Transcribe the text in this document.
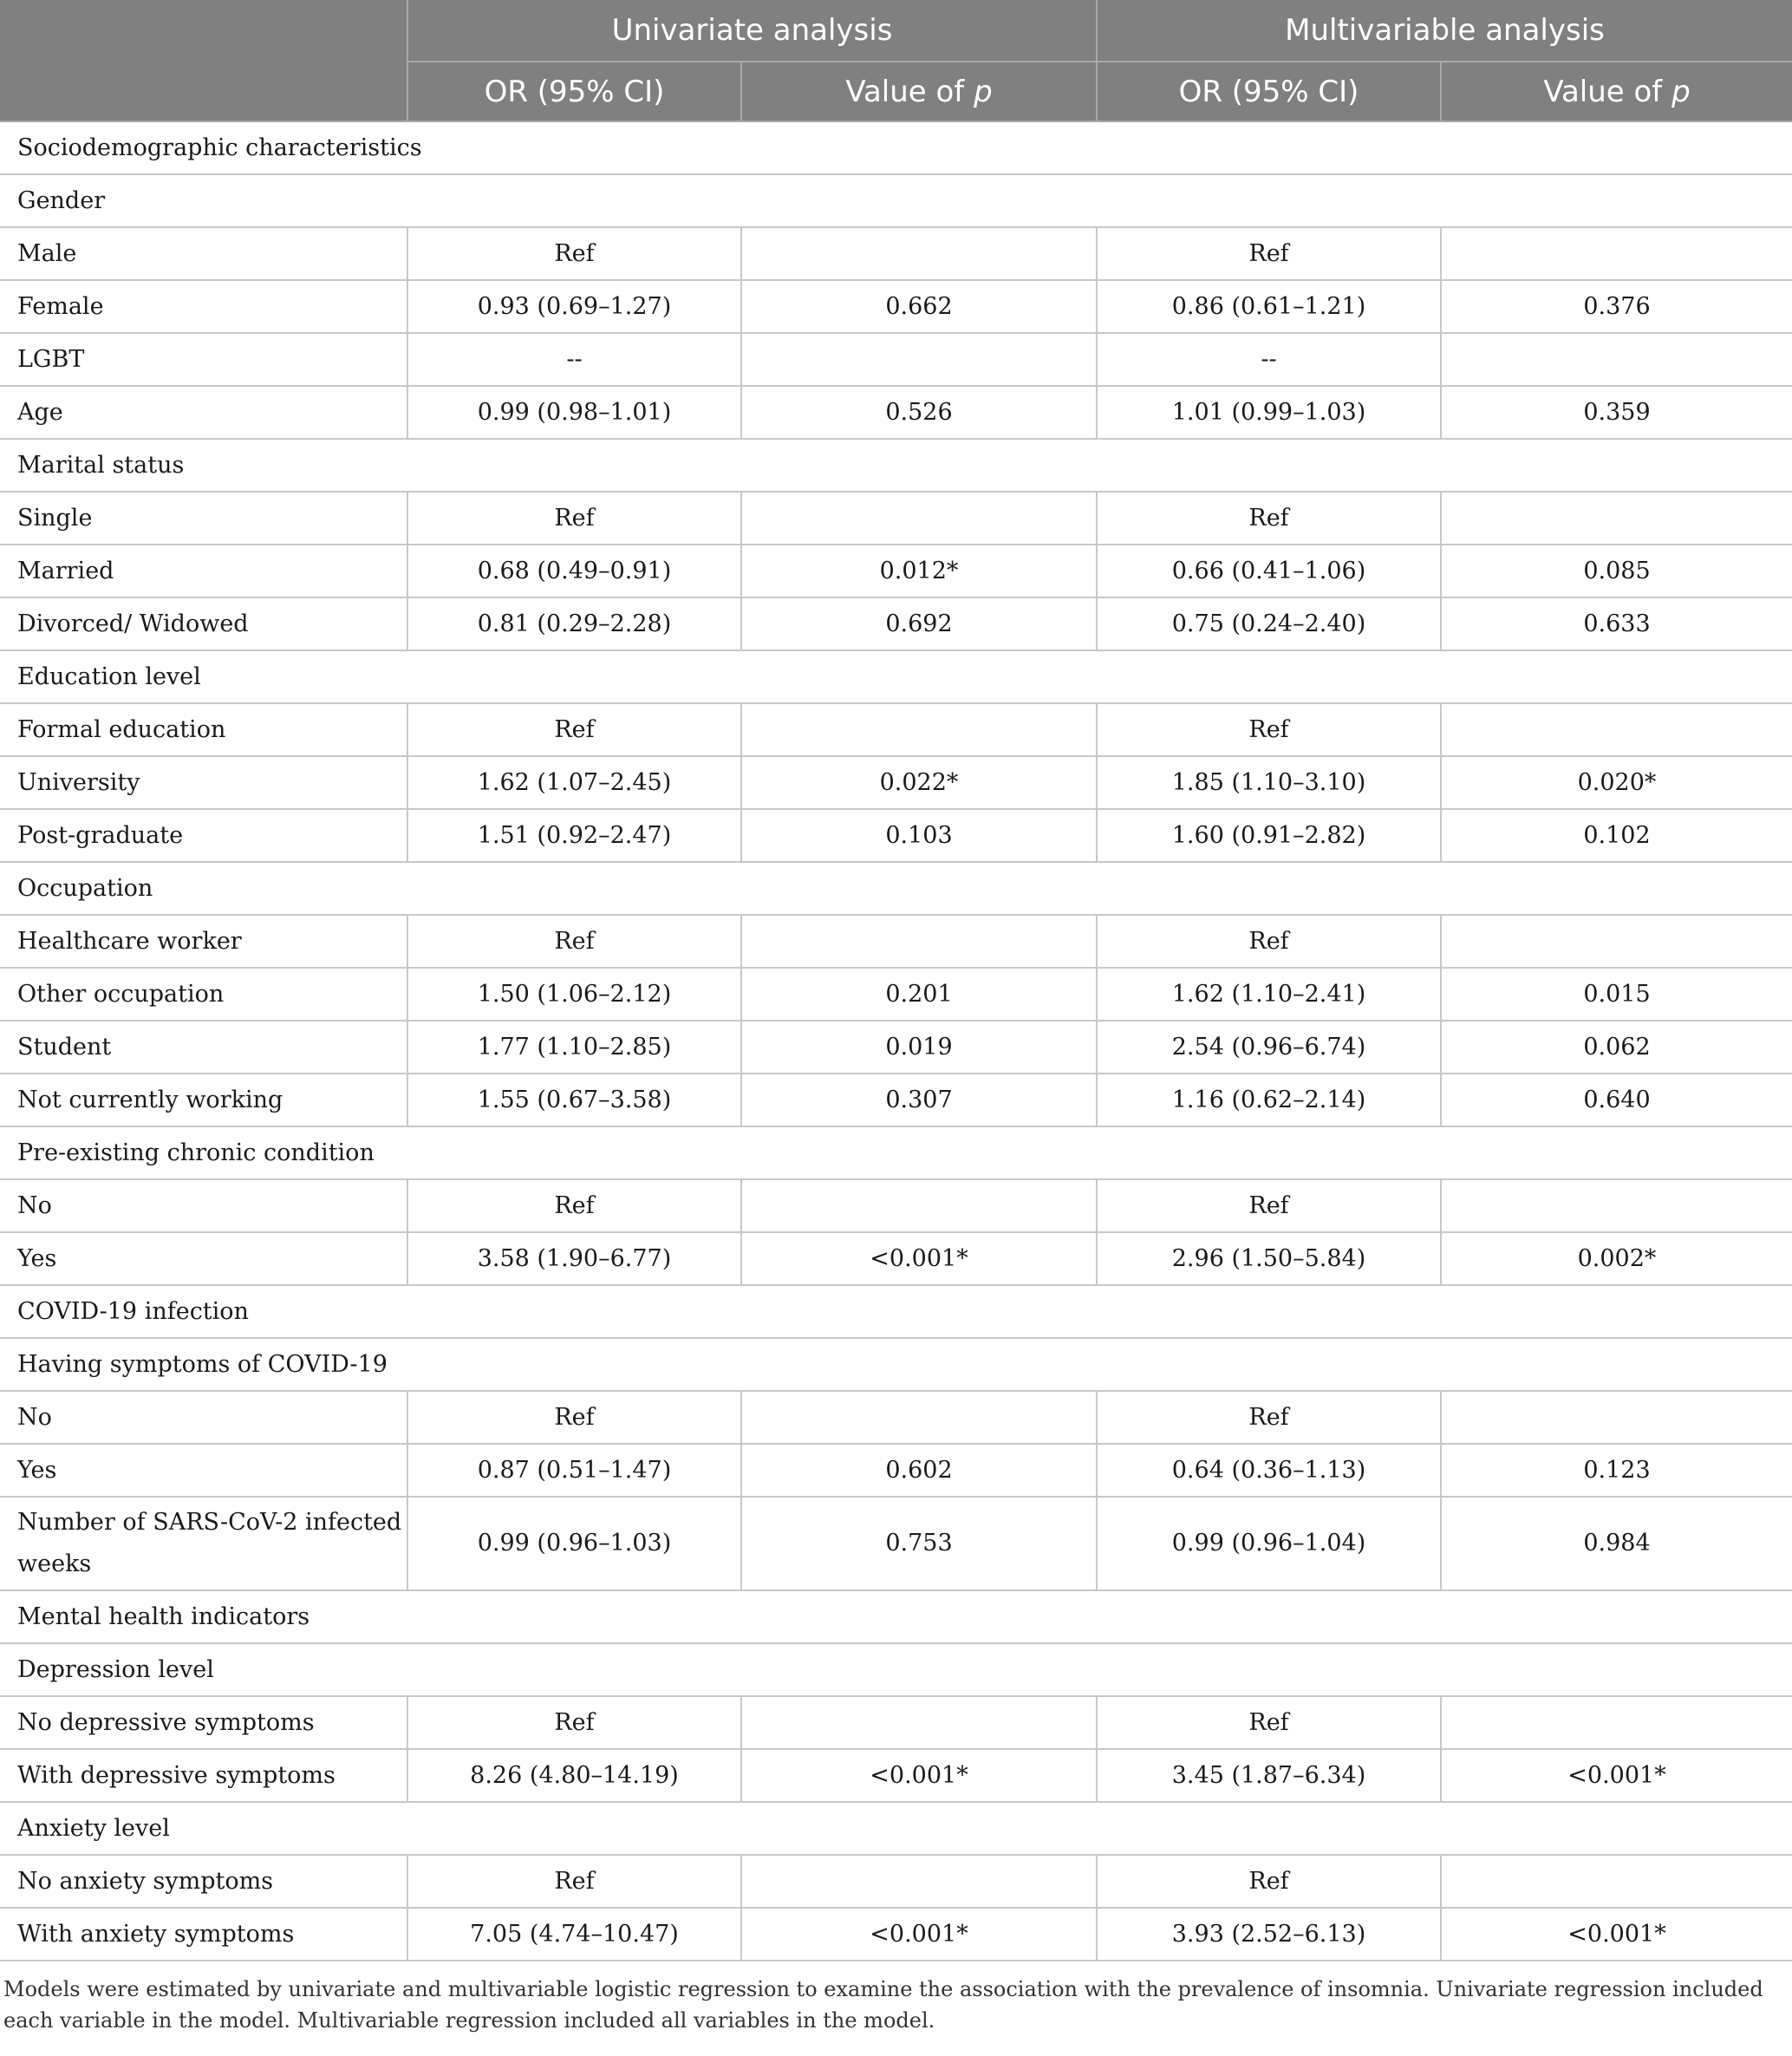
	Univariate analysis		Multivariable analysis	
	OR (95% CI)	Value of p	OR (95% CI)	Value of p
Sociodemographic characteristics				
Gender				
Male	Ref		Ref	
Female	0.93 (0.69–1.27)	0.662	0.86 (0.61–1.21)	0.376
LGBT	--		--	
Age	0.99 (0.98–1.01)	0.526	1.01 (0.99–1.03)	0.359
Marital status				
Single	Ref		Ref	
Married	0.68 (0.49–0.91)	0.012*	0.66 (0.41–1.06)	0.085
Divorced/ Widowed	0.81 (0.29–2.28)	0.692	0.75 (0.24–2.40)	0.633
Education level				
Formal education	Ref		Ref	
University	1.62 (1.07–2.45)	0.022*	1.85 (1.10–3.10)	0.020*
Post-graduate	1.51 (0.92–2.47)	0.103	1.60 (0.91–2.82)	0.102
Occupation				
Healthcare worker	Ref		Ref	
Other occupation	1.50 (1.06–2.12)	0.201	1.62 (1.10–2.41)	0.015
Student	1.77 (1.10–2.85)	0.019	2.54 (0.96–6.74)	0.062
Not currently working	1.55 (0.67–3.58)	0.307	1.16 (0.62–2.14)	0.640
Pre-existing chronic condition				
No	Ref		Ref	
Yes	3.58 (1.90–6.77)	<0.001*	2.96 (1.50–5.84)	0.002*
COVID-19 infection				
Having symptoms of COVID-19				
No	Ref		Ref	
Yes	0.87 (0.51–1.47)	0.602	0.64 (0.36–1.13)	0.123
Number of SARS-CoV-2 infected weeks	0.99 (0.96–1.03)	0.753	0.99 (0.96–1.04)	0.984
Mental health indicators				
Depression level				
No depressive symptoms	Ref		Ref	
With depressive symptoms	8.26 (4.80–14.19)	<0.001*	3.45 (1.87–6.34)	<0.001*
Anxiety level				
No anxiety symptoms	Ref		Ref	
With anxiety symptoms	7.05 (4.74–10.47)	<0.001*	3.93 (2.52–6.13)	<0.001*
Models were estimated by univariate and multivariable logistic regression to examine the association with the prevalence of insomnia. Univariate regression included each variable in the model. Multivariable regression included all variables in the model.
